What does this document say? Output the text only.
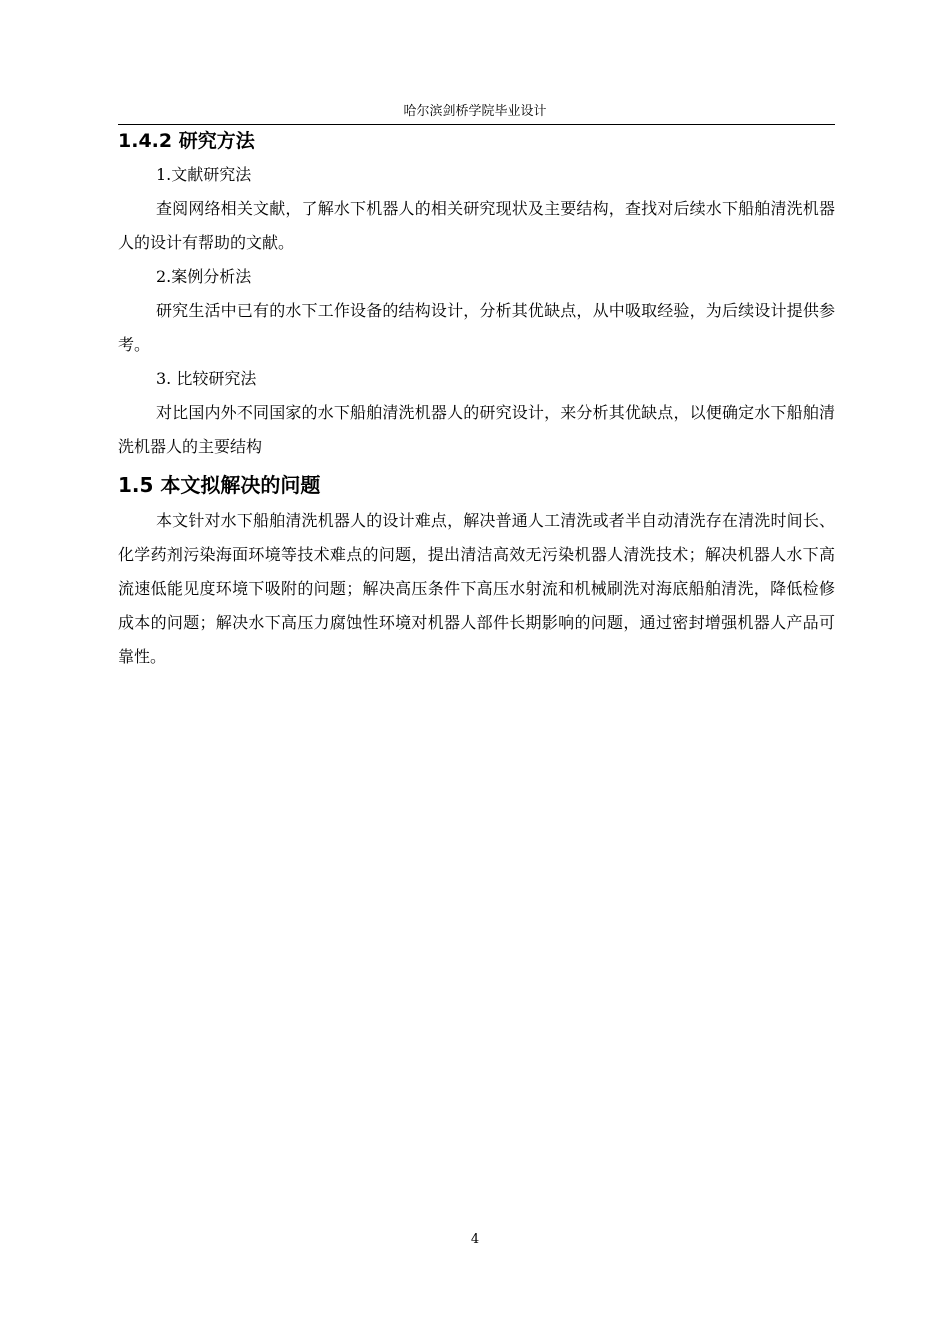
哈尔滨剑桥学院毕业设计
1.4.2 研究方法

1.文献研究法

查阅网络相关文献，了解水下机器人的相关研究现状及主要结构，查找对后续水下船舶清洗机器人的设计有帮助的文献。

2.案例分析法

研究生活中已有的水下工作设备的结构设计，分析其优缺点，从中吸取经验，为后续设计提供参考。

3. 比较研究法

对比国内外不同国家的水下船舶清洗机器人的研究设计，来分析其优缺点，以便确定水下船舶清洗机器人的主要结构

1.5 本文拟解决的问题

本文针对水下船舶清洗机器人的设计难点，解决普通人工清洗或者半自动清洗存在清洗时间长、化学药剂污染海面环境等技术难点的问题，提出清洁高效无污染机器人清洗技术；解决机器人水下高流速低能见度环境下吸附的问题；解决高压条件下高压水射流和机械刷洗对海底船舶清洗，降低检修成本的问题；解决水下高压力腐蚀性环境对机器人部件长期影响的问题，通过密封增强机器人产品可靠性。

4
